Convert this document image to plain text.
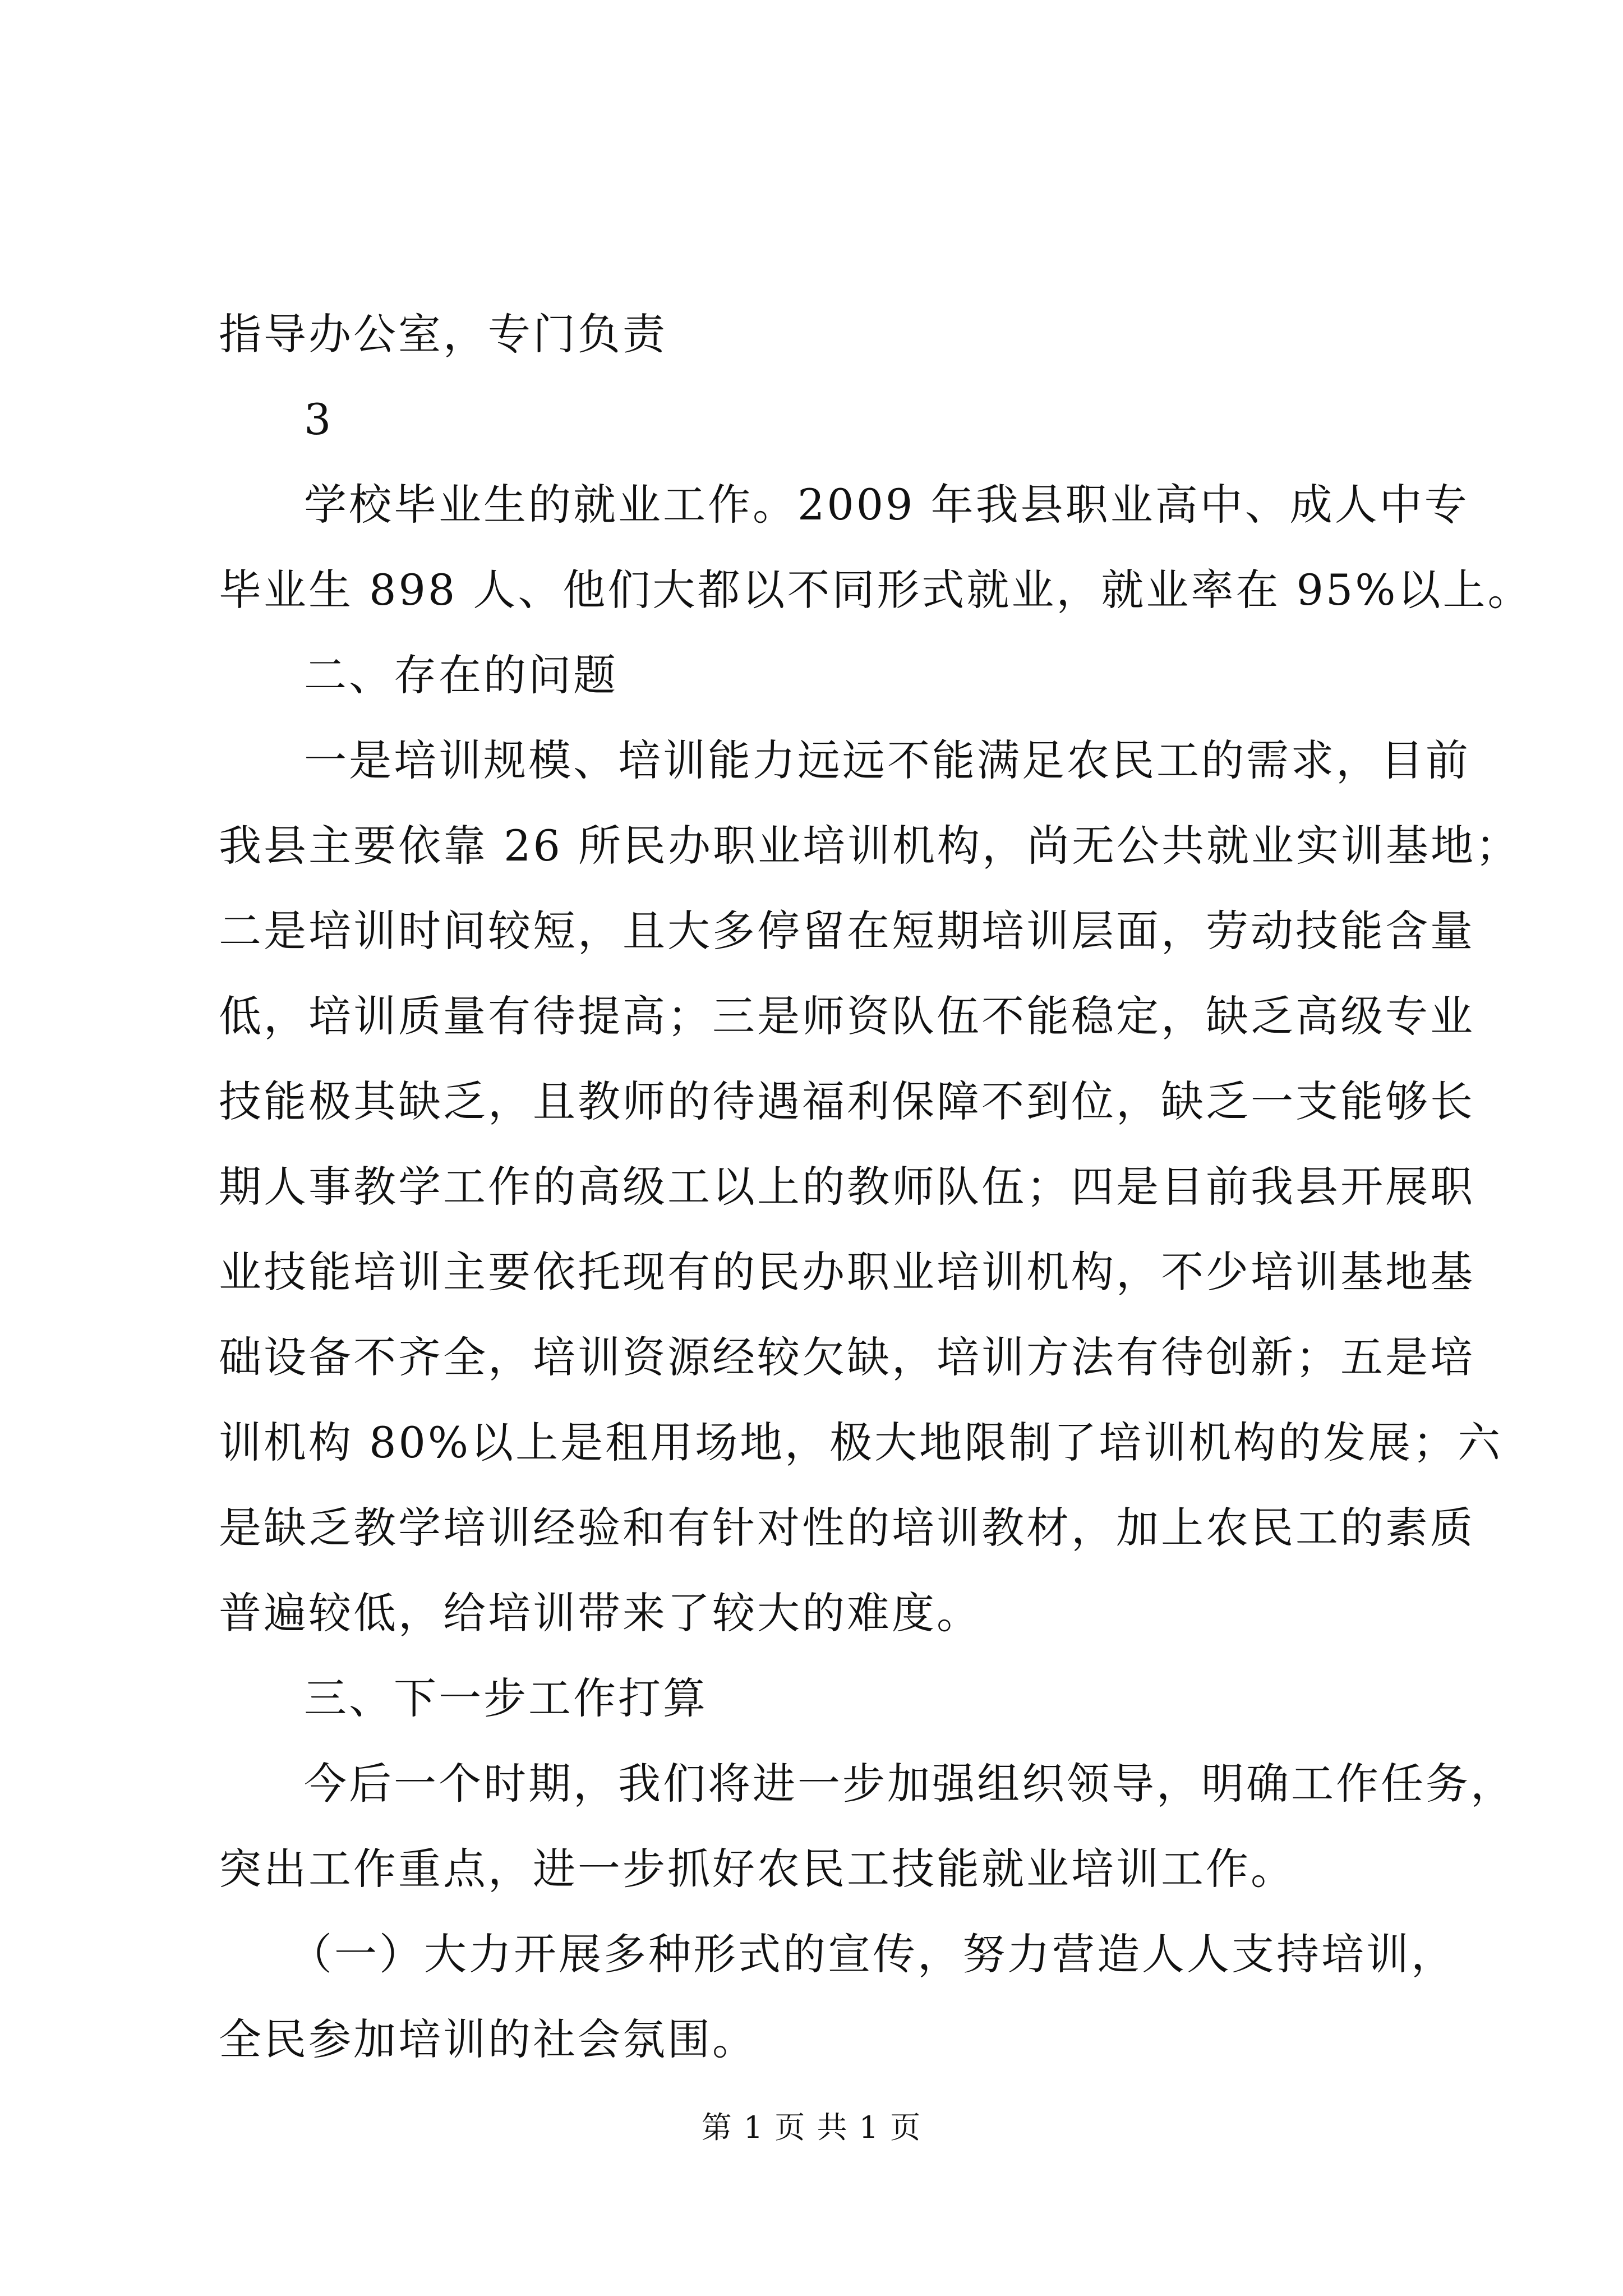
指导办公室，专门负责
3
学校毕业生的就业工作。2009 年我县职业高中、成人中专
毕业生 898 人、他们大都以不同形式就业，就业率在 95%以上。
二、存在的问题
一是培训规模、培训能力远远不能满足农民工的需求，目前
我县主要依靠 26 所民办职业培训机构，尚无公共就业实训基地；
二是培训时间较短，且大多停留在短期培训层面，劳动技能含量
低，培训质量有待提高；三是师资队伍不能稳定，缺乏高级专业
技能极其缺乏，且教师的待遇福利保障不到位，缺乏一支能够长
期人事教学工作的高级工以上的教师队伍；四是目前我县开展职
业技能培训主要依托现有的民办职业培训机构，不少培训基地基
础设备不齐全，培训资源经较欠缺，培训方法有待创新；五是培
训机构 80%以上是租用场地，极大地限制了培训机构的发展；六
是缺乏教学培训经验和有针对性的培训教材，加上农民工的素质
普遍较低，给培训带来了较大的难度。
三、下一步工作打算
今后一个时期，我们将进一步加强组织领导，明确工作任务，
突出工作重点，进一步抓好农民工技能就业培训工作。
（一）大力开展多种形式的宣传，努力营造人人支持培训，
全民参加培训的社会氛围。
第 1 页 共 1 页
